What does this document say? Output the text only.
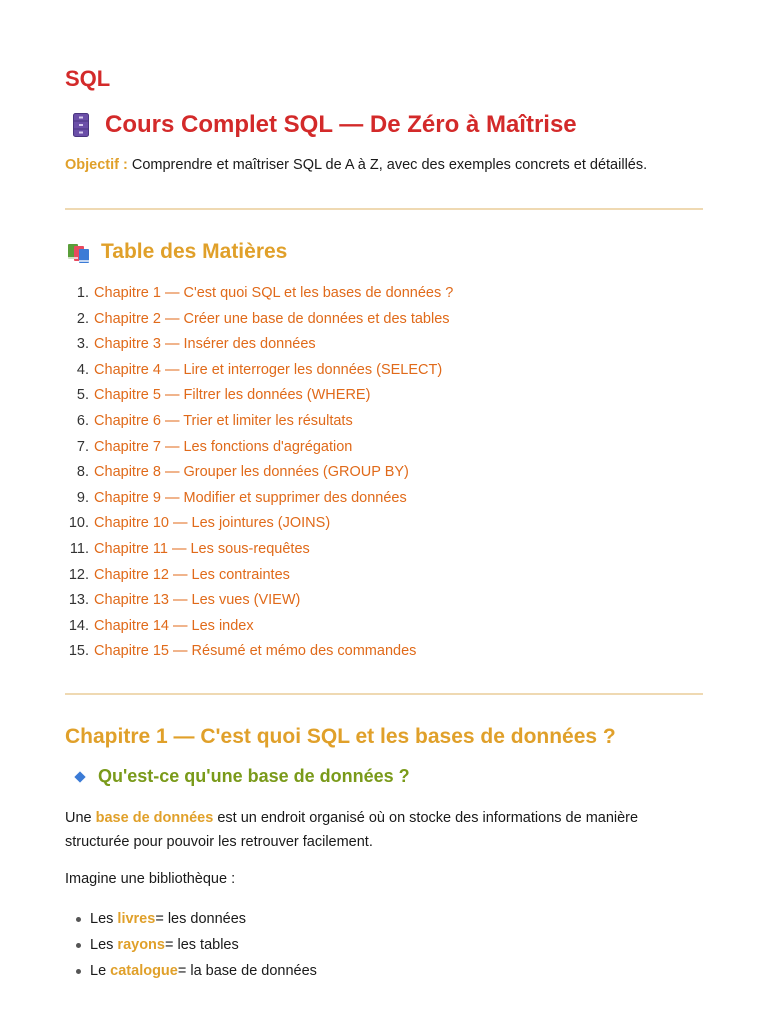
SQL
Cours Complet SQL — De Zéro à Maîtrise

Objectif : Comprendre et maîtriser SQL de A à Z, avec des exemples concrets et détaillés.

Table des Matières
1.
Chapitre 1 — C'est quoi SQL et les bases de données ?
2.
Chapitre 2 — Créer une base de données et des tables
3.
Chapitre 3 — Insérer des données
4.
Chapitre 4 — Lire et interroger les données (SELECT)
5.
Chapitre 5 — Filtrer les données (WHERE)
6.
Chapitre 6 — Trier et limiter les résultats
7.
Chapitre 7 — Les fonctions d'agrégation
8.
Chapitre 8 — Grouper les données (GROUP BY)
9.
Chapitre 9 — Modifier et supprimer des données
10.
Chapitre 10 — Les jointures (JOINS)
11.
Chapitre 11 — Les sous-requêtes
12.
Chapitre 12 — Les contraintes
13.
Chapitre 13 — Les vues (VIEW)
14.
Chapitre 14 — Les index
15.
Chapitre 15 — Résumé et mémo des commandes
Chapitre 1 — C'est quoi SQL et les bases de données ?
Qu'est-ce qu'une base de données ?

Une base de données est un endroit organisé où on stocke des informations de manière structurée pour pouvoir les retrouver facilement.

Imagine une bibliothèque :

Les
livres = les données
Les
rayons = les tables
Le
catalogue = la base de données
